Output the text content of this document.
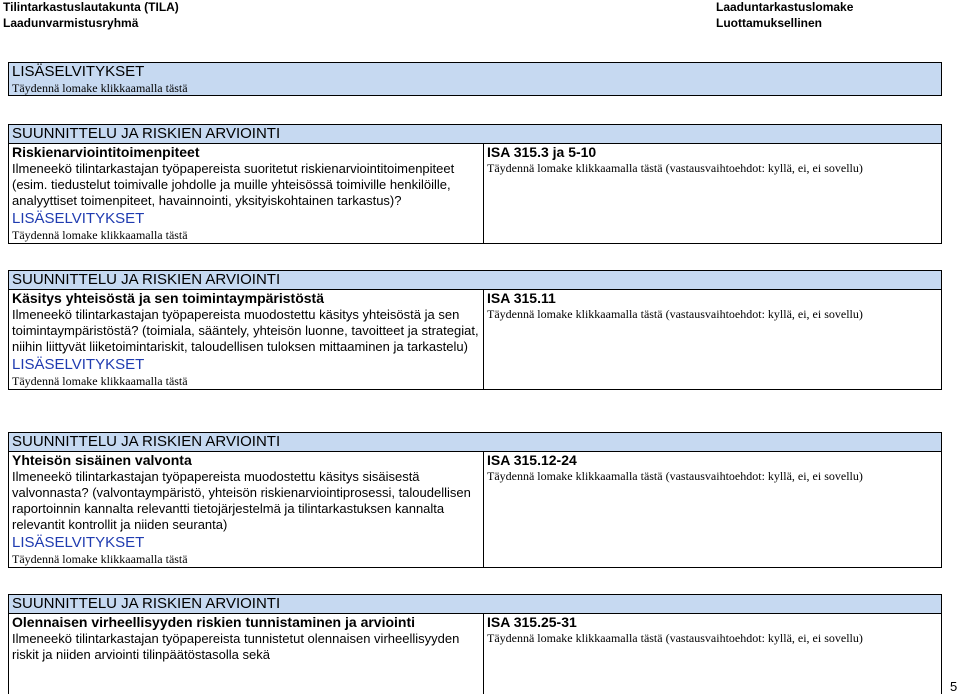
Tilintarkastuslautakunta (TILA)
Laadunvarmistusryhmä
Laaduntarkastuslomake
Luottamuksellinen
LISÄSELVITYKSET
Täydennä lomake klikkaamalla tästä
SUUNNITTELU JA RISKIEN ARVIOINTI
Riskienarviointitoimenpiteet
Ilmeneekö tilintarkastajan työpapereista suoritetut riskienarviointitoimenpiteet (esim. tiedustelut toimivalle johdolle ja muille yhteisössä toimiville henkilöille, analyyttiset toimenpiteet, havainnointi, yksityiskohtainen tarkastus)?
LISÄSELVITYKSET
Täydennä lomake klikkaamalla tästä
ISA 315.3 ja 5-10
Täydennä lomake klikkaamalla tästä (vastausvaihtoehdot: kyllä, ei, ei sovellu)
SUUNNITTELU JA RISKIEN ARVIOINTI
Käsitys yhteisöstä ja sen toimintaympäristöstä
Ilmeneekö tilintarkastajan työpapereista muodostettu käsitys yhteisöstä ja sen toimintaympäristöstä? (toimiala, sääntely, yhteisön luonne, tavoitteet ja strategiat, niihin liittyvät liiketoimintariskit, taloudellisen tuloksen mittaaminen ja tarkastelu)
LISÄSELVITYKSET
Täydennä lomake klikkaamalla tästä
ISA 315.11
Täydennä lomake klikkaamalla tästä (vastausvaihtoehdot: kyllä, ei, ei sovellu)
SUUNNITTELU JA RISKIEN ARVIOINTI
Yhteisön sisäinen valvonta
Ilmeneekö tilintarkastajan työpapereista muodostettu käsitys sisäisestä valvonnasta? (valvontaympäristö, yhteisön riskienarviointiprosessi, taloudellisen raportoinnin kannalta relevantti tietojärjestelmä ja tilintarkastuksen kannalta relevantit kontrollit ja niiden seuranta)
LISÄSELVITYKSET
Täydennä lomake klikkaamalla tästä
ISA 315.12-24
Täydennä lomake klikkaamalla tästä (vastausvaihtoehdot: kyllä, ei, ei sovellu)
SUUNNITTELU JA RISKIEN ARVIOINTI
Olennaisen virheellisyyden riskien tunnistaminen ja arviointi
Ilmeneekö tilintarkastajan työpapereista tunnistetut olennaisen virheellisyyden riskit ja niiden arviointi tilinpäätöstasolla sekä
ISA 315.25-31
Täydennä lomake klikkaamalla tästä (vastausvaihtoehdot: kyllä, ei, ei sovellu)
5
